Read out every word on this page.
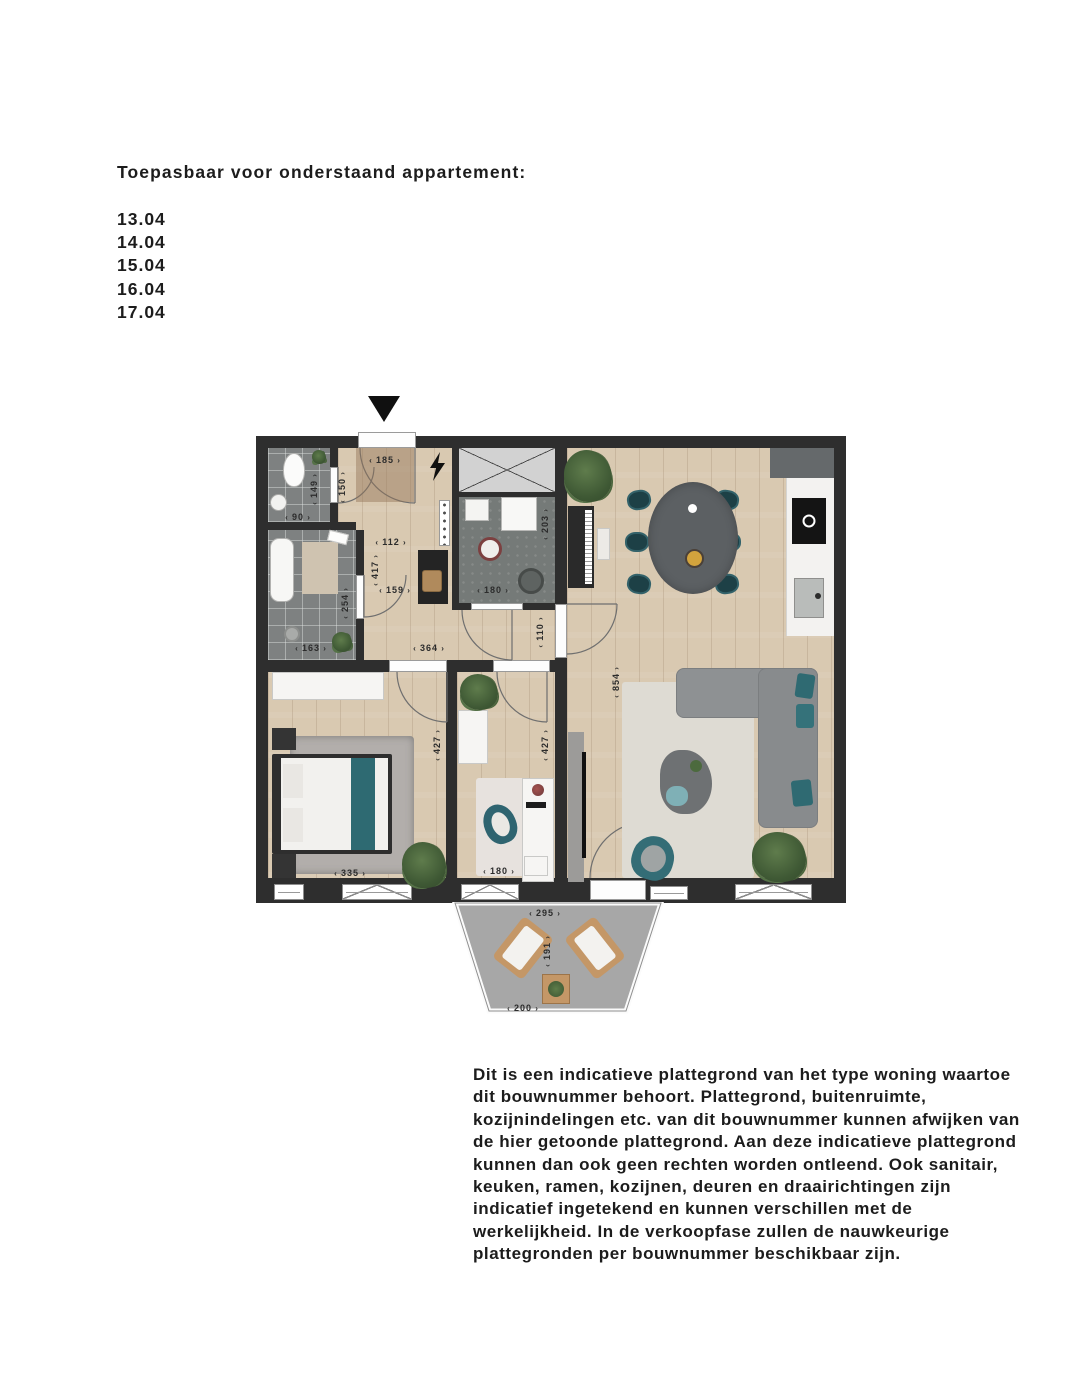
Toepasbaar voor onderstaand appartement:
13.04
14.04
15.04
16.04
17.04
‹ 185 ›
‹ 149 › ‹ 150 ›
‹ 90 ›
‹ 112 ›
‹ 417 ›
‹ 159 ›
‹ 254 ›
‹ 163 ›
‹ 180 ›
‹ 203 ›
‹ 364 ›
‹ 110 ›
‹ 854 ›
‹ 427 ›	‹ 427 ›
‹ 335 ›	‹ 180 ›
‹ 295 ›
‹ 191 ›
‹ 200 ›
Dit is een indicatieve plattegrond van het type woning waartoe dit bouwnummer behoort. Plattegrond, buitenruimte, kozijnindelingen etc. van dit bouwnummer kunnen afwijken van de hier getoonde plattegrond. Aan deze indicatieve plattegrond kunnen dan ook geen rechten worden ontleend. Ook sanitair, keuken, ramen, kozijnen, deuren en draairichtingen zijn indicatief ingetekend en kunnen verschillen met de werkelijkheid. In de verkoopfase zullen de nauwkeurige plattegronden per bouwnummer beschikbaar zijn.
